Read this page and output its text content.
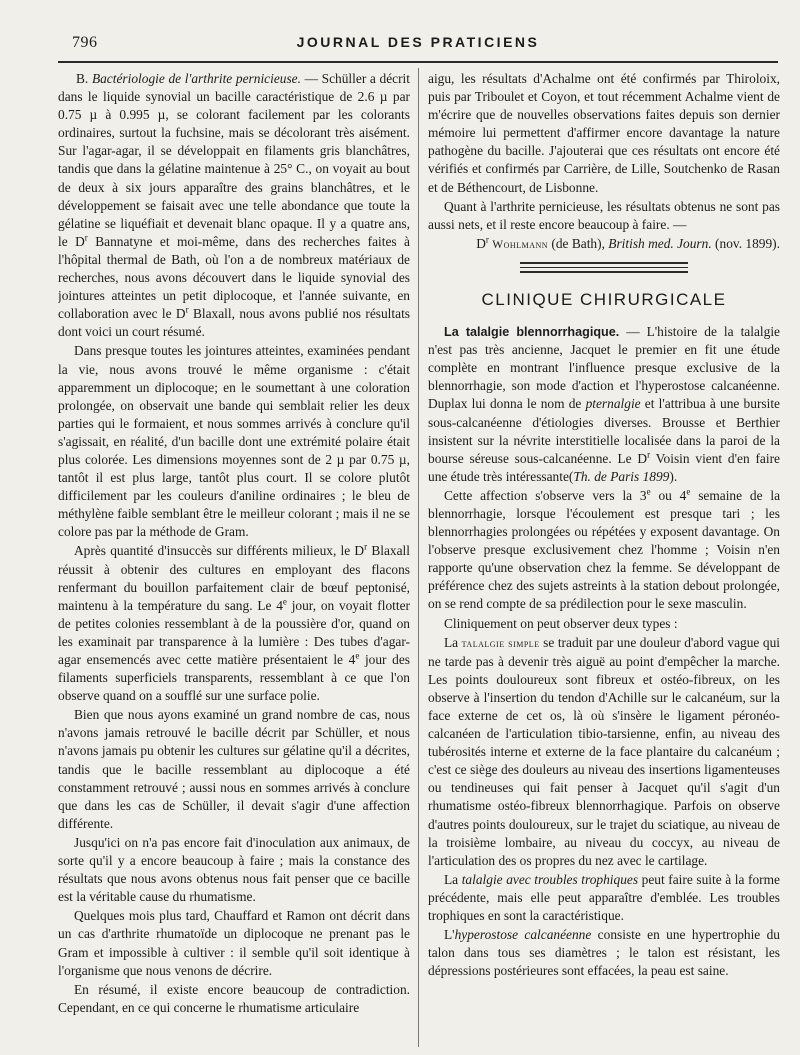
796	JOURNAL DES PRATICIENS

B. Bactériologie de l'arthrite pernicieuse. — Schüller a décrit dans le liquide synovial un bacille caractéristique de 2.6 µ par 0.75 µ à 0.995 µ, se colorant facilement par les colorants ordinaires, surtout la fuchsine, mais se décolorant très aisément. Sur l'agar-agar, il se développait en filaments gris blanchâtres, tandis que dans la gélatine maintenue à 25° C., on voyait au bout de deux à six jours apparaître des grains blanchâtres, et le développement se faisait avec une telle abondance que toute la gélatine se liquéfiait et devenait blanc opaque. Il y a quatre ans, le $D^r$ Bannatyne et moi-même, dans des recherches faites à l'hôpital thermal de Bath, où l'on a de nombreux matériaux de recherches, nous avons découvert dans le liquide synovial des jointures atteintes un petit diplocoque, et l'année suivante, en collaboration avec le $D^r$ Blaxall, nous avons publié nos résultats dont voici un court résumé.

Dans presque toutes les jointures atteintes, examinées pendant la vie, nous avons trouvé le même organisme : c'était apparemment un diplocoque; en le soumettant à une coloration prolongée, on observait une bande qui semblait relier les deux parties qui le formaient, et nous sommes arrivés à conclure qu'il s'agissait, en réalité, d'un bacille dont une extrémité polaire était plus colorée. Les dimensions moyennes sont de 2 µ par 0.75 µ, tantôt il est plus large, tantôt plus court. Il se colore plutôt difficilement par les couleurs d'aniline ordinaires ; le bleu de méthylène faible semblant être le meilleur colorant ; mais il ne se colore pas par la méthode de Gram.

Après quantité d'insuccès sur différents milieux, le $D^r$ Blaxall réussit à obtenir des cultures en employant des flacons renfermant du bouillon parfaitement clair de bœuf peptonisé, maintenu à la température du sang. Le 4e jour, on voyait flotter de petites colonies ressemblant à de la poussière d'or, quand on les examinait par transparence à la lumière : Des tubes d'agar-agar ensemencés avec cette matière présentaient le 4e jour des filaments superficiels transparents, ressemblant à ce que l'on observe quand on a soufflé sur une surface polie.

Bien que nous ayons examiné un grand nombre de cas, nous n'avons jamais retrouvé le bacille décrit par Schüller, et nous n'avons jamais pu obtenir les cultures sur gélatine qu'il a décrites, tandis que le bacille ressemblant au diplocoque a été constamment retrouvé ; aussi nous en sommes arrivés à conclure que dans les cas de Schüller, il devait s'agir d'une affection différente.

Jusqu'ici on n'a pas encore fait d'inoculation aux animaux, de sorte qu'il y a encore beaucoup à faire ; mais la constance des résultats que nous avons obtenus nous fait penser que ce bacille est la véritable cause du rhumatisme.

Quelques mois plus tard, Chauffard et Ramon ont décrit dans un cas d'arthrite rhumatoïde un diplocoque ne prenant pas le Gram et impossible à cultiver : il semble qu'il soit identique à l'organisme que nous venons de décrire.

En résumé, il existe encore beaucoup de contradiction. Cependant, en ce qui concerne le rhumatisme articulaire

aigu, les résultats d'Achalme ont été confirmés par Thiroloix, puis par Triboulet et Coyon, et tout récemment Achalme vient de m'écrire que de nouvelles observations faites depuis son dernier mémoire lui permettent d'affirmer encore davantage la nature pathogène du bacille. J'ajouterai que ces résultats ont encore été vérifiés et confirmés par Carrière, de Lille, Soutchenko de Rasan et de Béthencourt, de Lisbonne.

Quant à l'arthrite pernicieuse, les résultats obtenus ne sont pas aussi nets, et il reste encore beaucoup à faire. —

$D^r$ Wohlmann (de Bath), British med. Journ. (nov. 1899).

CLINIQUE CHIRURGICALE

La talalgie blennorrhagique. — L'histoire de la talalgie n'est pas très ancienne, Jacquet le premier en fit une étude complète en montrant l'influence presque exclusive de la blennorrhagie, son mode d'action et l'hyperostose calcanéenne. Duplax lui donna le nom de pternalgie et l'attribua à une bursite sous-calcanéenne d'étiologies diverses. Brousse et Berthier insistent sur la névrite interstitielle localisée dans la paroi de la bourse séreuse sous-calcanéenne. Le $D^r$ Voisin vient d'en faire une étude très intéressante(Th. de Paris 1899).

Cette affection s'observe vers la 3e ou 4e semaine de la blennorrhagie, lorsque l'écoulement est presque tari ; les blennorrhagies prolongées ou répétées y exposent davantage. On l'observe presque exclusivement chez l'homme ; Voisin n'en rapporte qu'une observation chez la femme. Se développant de préférence chez des sujets astreints à la station debout prolongée, on se rend compte de sa prédilection pour le sexe masculin.

Cliniquement on peut observer deux types :

La talalgie simple se traduit par une douleur d'abord vague qui ne tarde pas à devenir très aiguë au point d'empêcher la marche. Les points douloureux sont fibreux et ostéo-fibreux, on les observe à l'insertion du tendon d'Achille sur le calcanéum, sur la face externe de cet os, là où s'insère le ligament péronéo-calcanéen de l'articulation tibio-tarsienne, enfin, au niveau des tubérosités interne et externe de la face plantaire du calcanéum ; c'est ce siège des douleurs au niveau des insertions ligamenteuses ou tendineuses qui fait penser à Jacquet qu'il s'agit d'un rhumatisme ostéo-fibreux blennorrhagique. Parfois on observe d'autres points douloureux, sur le trajet du sciatique, au niveau de la troisième lombaire, au niveau du coccyx, au niveau de l'articulation des os propres du nez avec le cartilage.

La talalgie avec troubles trophiques peut faire suite à la forme précédente, mais elle peut apparaître d'emblée. Les troubles trophiques en sont la caractéristique.

L'hyperostose calcanéenne consiste en une hypertrophie du talon dans tous ses diamètres ; le talon est résistant, les dépressions postérieures sont effacées, la peau est saine.
